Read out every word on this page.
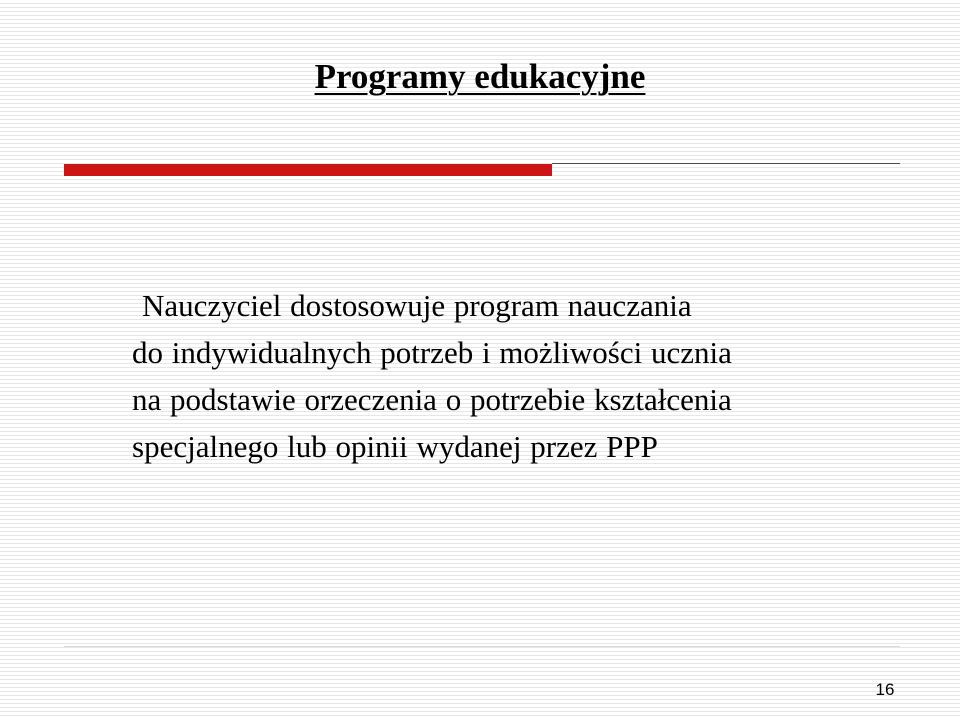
Programy edukacyjne

Nauczyciel dostosowuje program nauczania
do indywidualnych potrzeb i możliwości ucznia
na podstawie orzeczenia o potrzebie kształcenia
specjalnego lub opinii wydanej przez PPP

16
